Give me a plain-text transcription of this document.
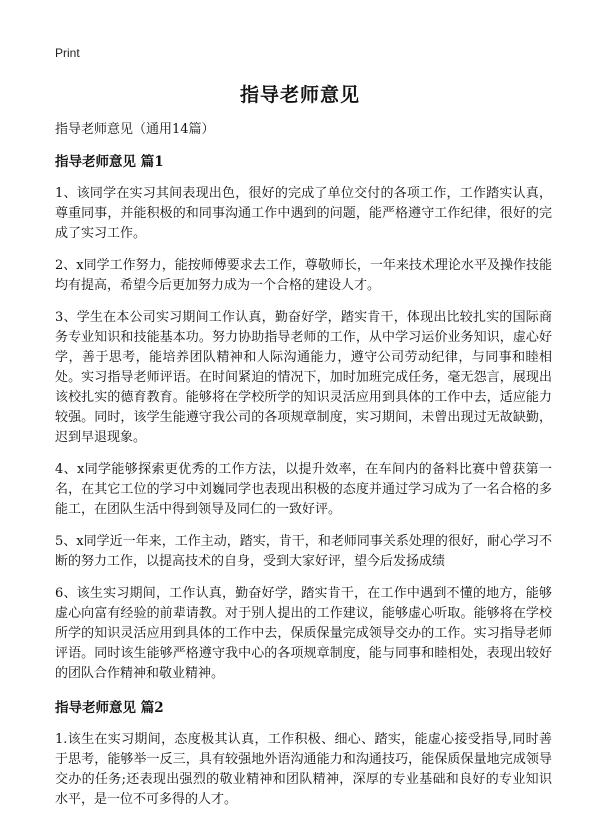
Print
指导老师意见
指导老师意见（通用14篇）
指导老师意见 篇1

1、该同学在实习其间表现出色，很好的完成了单位交付的各项工作，工作踏实认真，尊重同事，并能积极的和同事沟通工作中遇到的问题，能严格遵守工作纪律，很好的完成了实习工作。

2、x同学工作努力，能按师傅要求去工作，尊敬师长，一年来技术理论水平及操作技能均有提高，希望今后更加努力成为一个合格的建设人才。

3、学生在本公司实习期间工作认真，勤奋好学，踏实肯干，体现出比较扎实的国际商务专业知识和技能基本功。努力协助指导老师的工作，从中学习运价业务知识，虚心好学，善于思考，能培养团队精神和人际沟通能力，遵守公司劳动纪律，与同事和睦相处。实习指导老师评语。在时间紧迫的情况下，加时加班完成任务，毫无怨言，展现出该校扎实的德育教育。能够将在学校所学的知识灵活应用到具体的工作中去，适应能力较强。同时，该学生能遵守我公司的各项规章制度，实习期间，未曾出现过无故缺勤，迟到早退现象。

4、x同学能够探索更优秀的工作方法，以提升效率，在车间内的备料比赛中曾获第一名，在其它工位的学习中刘巍同学也表现出积极的态度并通过学习成为了一名合格的多能工，在团队生活中得到领导及同仁的一致好评。

5、x同学近一年来，工作主动，踏实，肯干，和老师同事关系处理的很好，耐心学习不断的努力工作，以提高技术的自身，受到大家好评，望今后发扬成绩

6、该生实习期间，工作认真，勤奋好学，踏实肯干，在工作中遇到不懂的地方，能够虚心向富有经验的前辈请教。对于别人提出的工作建议，能够虚心听取。能够将在学校所学的知识灵活应用到具体的工作中去，保质保量完成领导交办的工作。实习指导老师评语。同时该生能够严格遵守我中心的各项规章制度，能与同事和睦相处，表现出较好的团队合作精神和敬业精神。

指导老师意见 篇2

1.该生在实习期间，态度极其认真，工作积极、细心、踏实，能虚心接受指导,同时善于思考，能够举一反三，具有较强地外语沟通能力和沟通技巧，能保质保量地完成领导交办的任务;还表现出强烈的敬业精神和团队精神，深厚的专业基础和良好的专业知识水平，是一位不可多得的人才。
